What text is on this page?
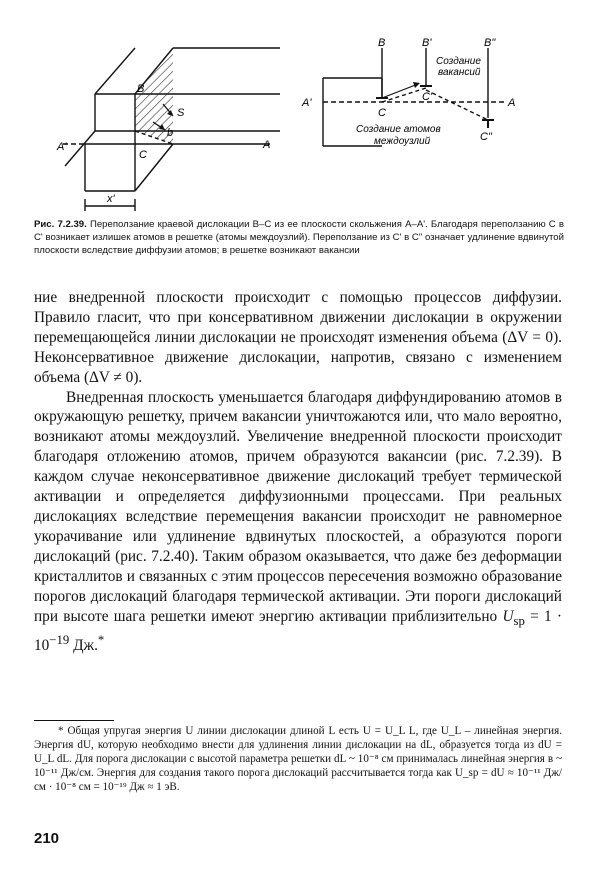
B
S
b
A'
C
A
x'
B	B'	B"
Создание
вакансий
A'	C'	A
C
Создание атомов
междоузлий	C"
Рис. 7.2.39. Переползание краевой дислокации B–C из ее плоскости скольжения A–A'. Благодаря переползанию C в C' возникает излишек атомов в решетке (атомы междоузлий). Переползание из C' в C" означает удлинение вдвинутой плоскости вследствие диффузии атомов; в решетке возникают вакансии

ние внедренной плоскости происходит с помощью процессов диффузии. Правило гласит, что при консервативном движении дислокации в окружении перемещающейся линии дислокации не происходят изменения объема (ΔV = 0). Неконсервативное движение дислокации, напротив, связано с изменением объема (ΔV ≠ 0).

Внедренная плоскость уменьшается благодаря диффундированию атомов в окружающую решетку, причем вакансии уничтожаются или, что мало вероятно, возникают атомы междоузлий. Увеличение внедренной плоскости происходит благодаря отложению атомов, причем образуются вакансии (рис. 7.2.39). В каждом случае неконсервативное движение дислокаций требует термической активации и определяется диффузионными процессами. При реальных дислокациях вследствие перемещения вакансии происходит не равномерное укорачивание или удлинение вдвинутых плоскостей, а образуются пороги дислокаций (рис. 7.2.40). Таким образом оказывается, что даже без деформации кристаллитов и связанных с этим процессов пересечения возможно образование порогов дислокаций благодаря термической активации. Эти пороги дислокаций при высоте шага решетки имеют энергию активации приблизительно $U_{sp} = 1 \cdot 10^{-19}$ Дж.*

* Общая упругая энергия U линии дислокации длиной L есть U = U_L L, где U_L – линейная энергия. Энергия dU, которую необходимо внести для удлинения линии дислокации на dL, образуется тогда из dU = U_L dL. Для порога дислокации с высотой параметра решетки dL ~ 10⁻⁸ см принималась линейная энергия в ~ 10⁻¹¹ Дж/см. Энергия для создания такого порога дислокаций рассчитывается тогда как U_sp = dU ≈ 10⁻¹¹ Дж/см · 10⁻⁸ см = 10⁻¹⁹ Дж ≈ 1 эВ.

210
